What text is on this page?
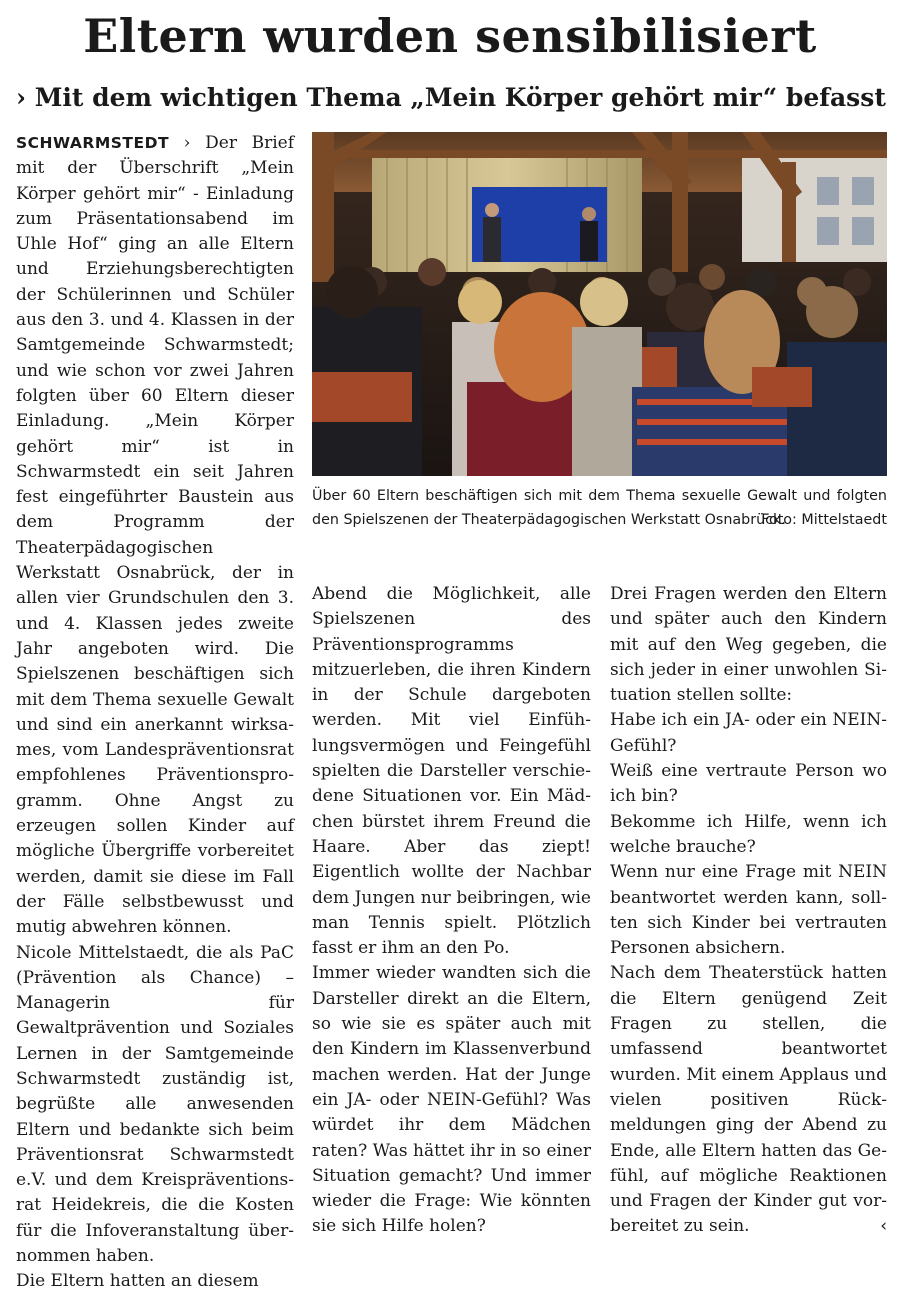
Eltern wurden sensibilisiert
› Mit dem wichtigen Thema „Mein Körper gehört mir“ befasst

SCHWARMSTEDT › Der Brief mit der Überschrift „Mein Körper gehört mir“ - Einladung zum Präsentationsabend im Uhle Hof“ ging an alle Eltern und Erziehungsberechtigten der Schülerinnen und Schüler aus den 3. und 4. Klassen in der Samtgemeinde Schwarmstedt; und wie schon vor zwei Jahren folgten über 60 Eltern dieser Einladung. „Mein Körper gehört mir“ ist in Schwarmstedt ein seit Jahren fest eingeführter Baustein aus dem Programm der Theaterpädagogischen Werkstatt Osnabrück, der in allen vier Grundschulen den 3. und 4. Klassen jedes zweite Jahr angeboten wird. Die Spielszenen beschäftigen sich mit dem Thema sexuelle Gewalt und sind ein anerkannt wirksames, vom Landespräventionsrat empfohlenes Präventionsprogramm. Ohne Angst zu erzeugen sollen Kinder auf mögliche Übergriffe vorbereitet werden, damit sie diese im Fall der Fälle selbstbewusst und mutig abwehren können.

Nicole Mittelstaedt, die als PaC (Prävention als Chance) – Managerin für Gewaltprävention und Soziales Lernen in der Samtgemeinde Schwarmstedt zuständig ist, begrüßte alle anwesenden Eltern und bedankte sich beim Präventionsrat Schwarmstedt e.V. und dem Kreispräventionsrat Heidekreis, die die Kosten für die Infoveranstaltung übernommen haben.

Die Eltern hatten an diesem

Über 60 Eltern beschäftigen sich mit dem Thema sexuelle Gewalt und folgten den Spielszenen der Theaterpädagogischen Werkstatt Osnabrück.
Foto: Mittelstaedt

Abend die Möglichkeit, alle Spielszenen des Präventionsprogramms mitzuerleben, die ihren Kindern in der Schule dargeboten werden. Mit viel Einfühlungsvermögen und Feingefühl spielten die Darsteller verschiedene Situationen vor. Ein Mädchen bürstet ihrem Freund die Haare. Aber das ziept! Eigentlich wollte der Nachbar dem Jungen nur beibringen, wie man Tennis spielt. Plötzlich fasst er ihm an den Po.

Immer wieder wandten sich die Darsteller direkt an die Eltern, so wie sie es später auch mit den Kindern im Klassenverbund machen werden. Hat der Junge ein JA- oder NEIN-Gefühl? Was würdet ihr dem Mädchen raten? Was hättet ihr in so einer Situation gemacht? Und immer wieder die Frage: Wie könnten sie sich Hilfe holen?

Drei Fragen werden den Eltern und später auch den Kindern mit auf den Weg gegeben, die sich jeder in einer unwohlen Situation stellen sollte:

Habe ich ein JA- oder ein NEIN-Gefühl?

Weiß eine vertraute Person wo ich bin?

Bekomme ich Hilfe, wenn ich welche brauche?

Wenn nur eine Frage mit NEIN beantwortet werden kann, sollten sich Kinder bei vertrauten Personen absichern.

Nach dem Theaterstück hatten die Eltern genügend Zeit Fragen zu stellen, die umfassend beantwortet wurden. Mit einem Applaus und vielen positiven Rückmeldungen ging der Abend zu Ende, alle Eltern hatten das Gefühl, auf mögliche Reaktionen und Fragen der Kinder gut vorbereitet zu sein.	‹
